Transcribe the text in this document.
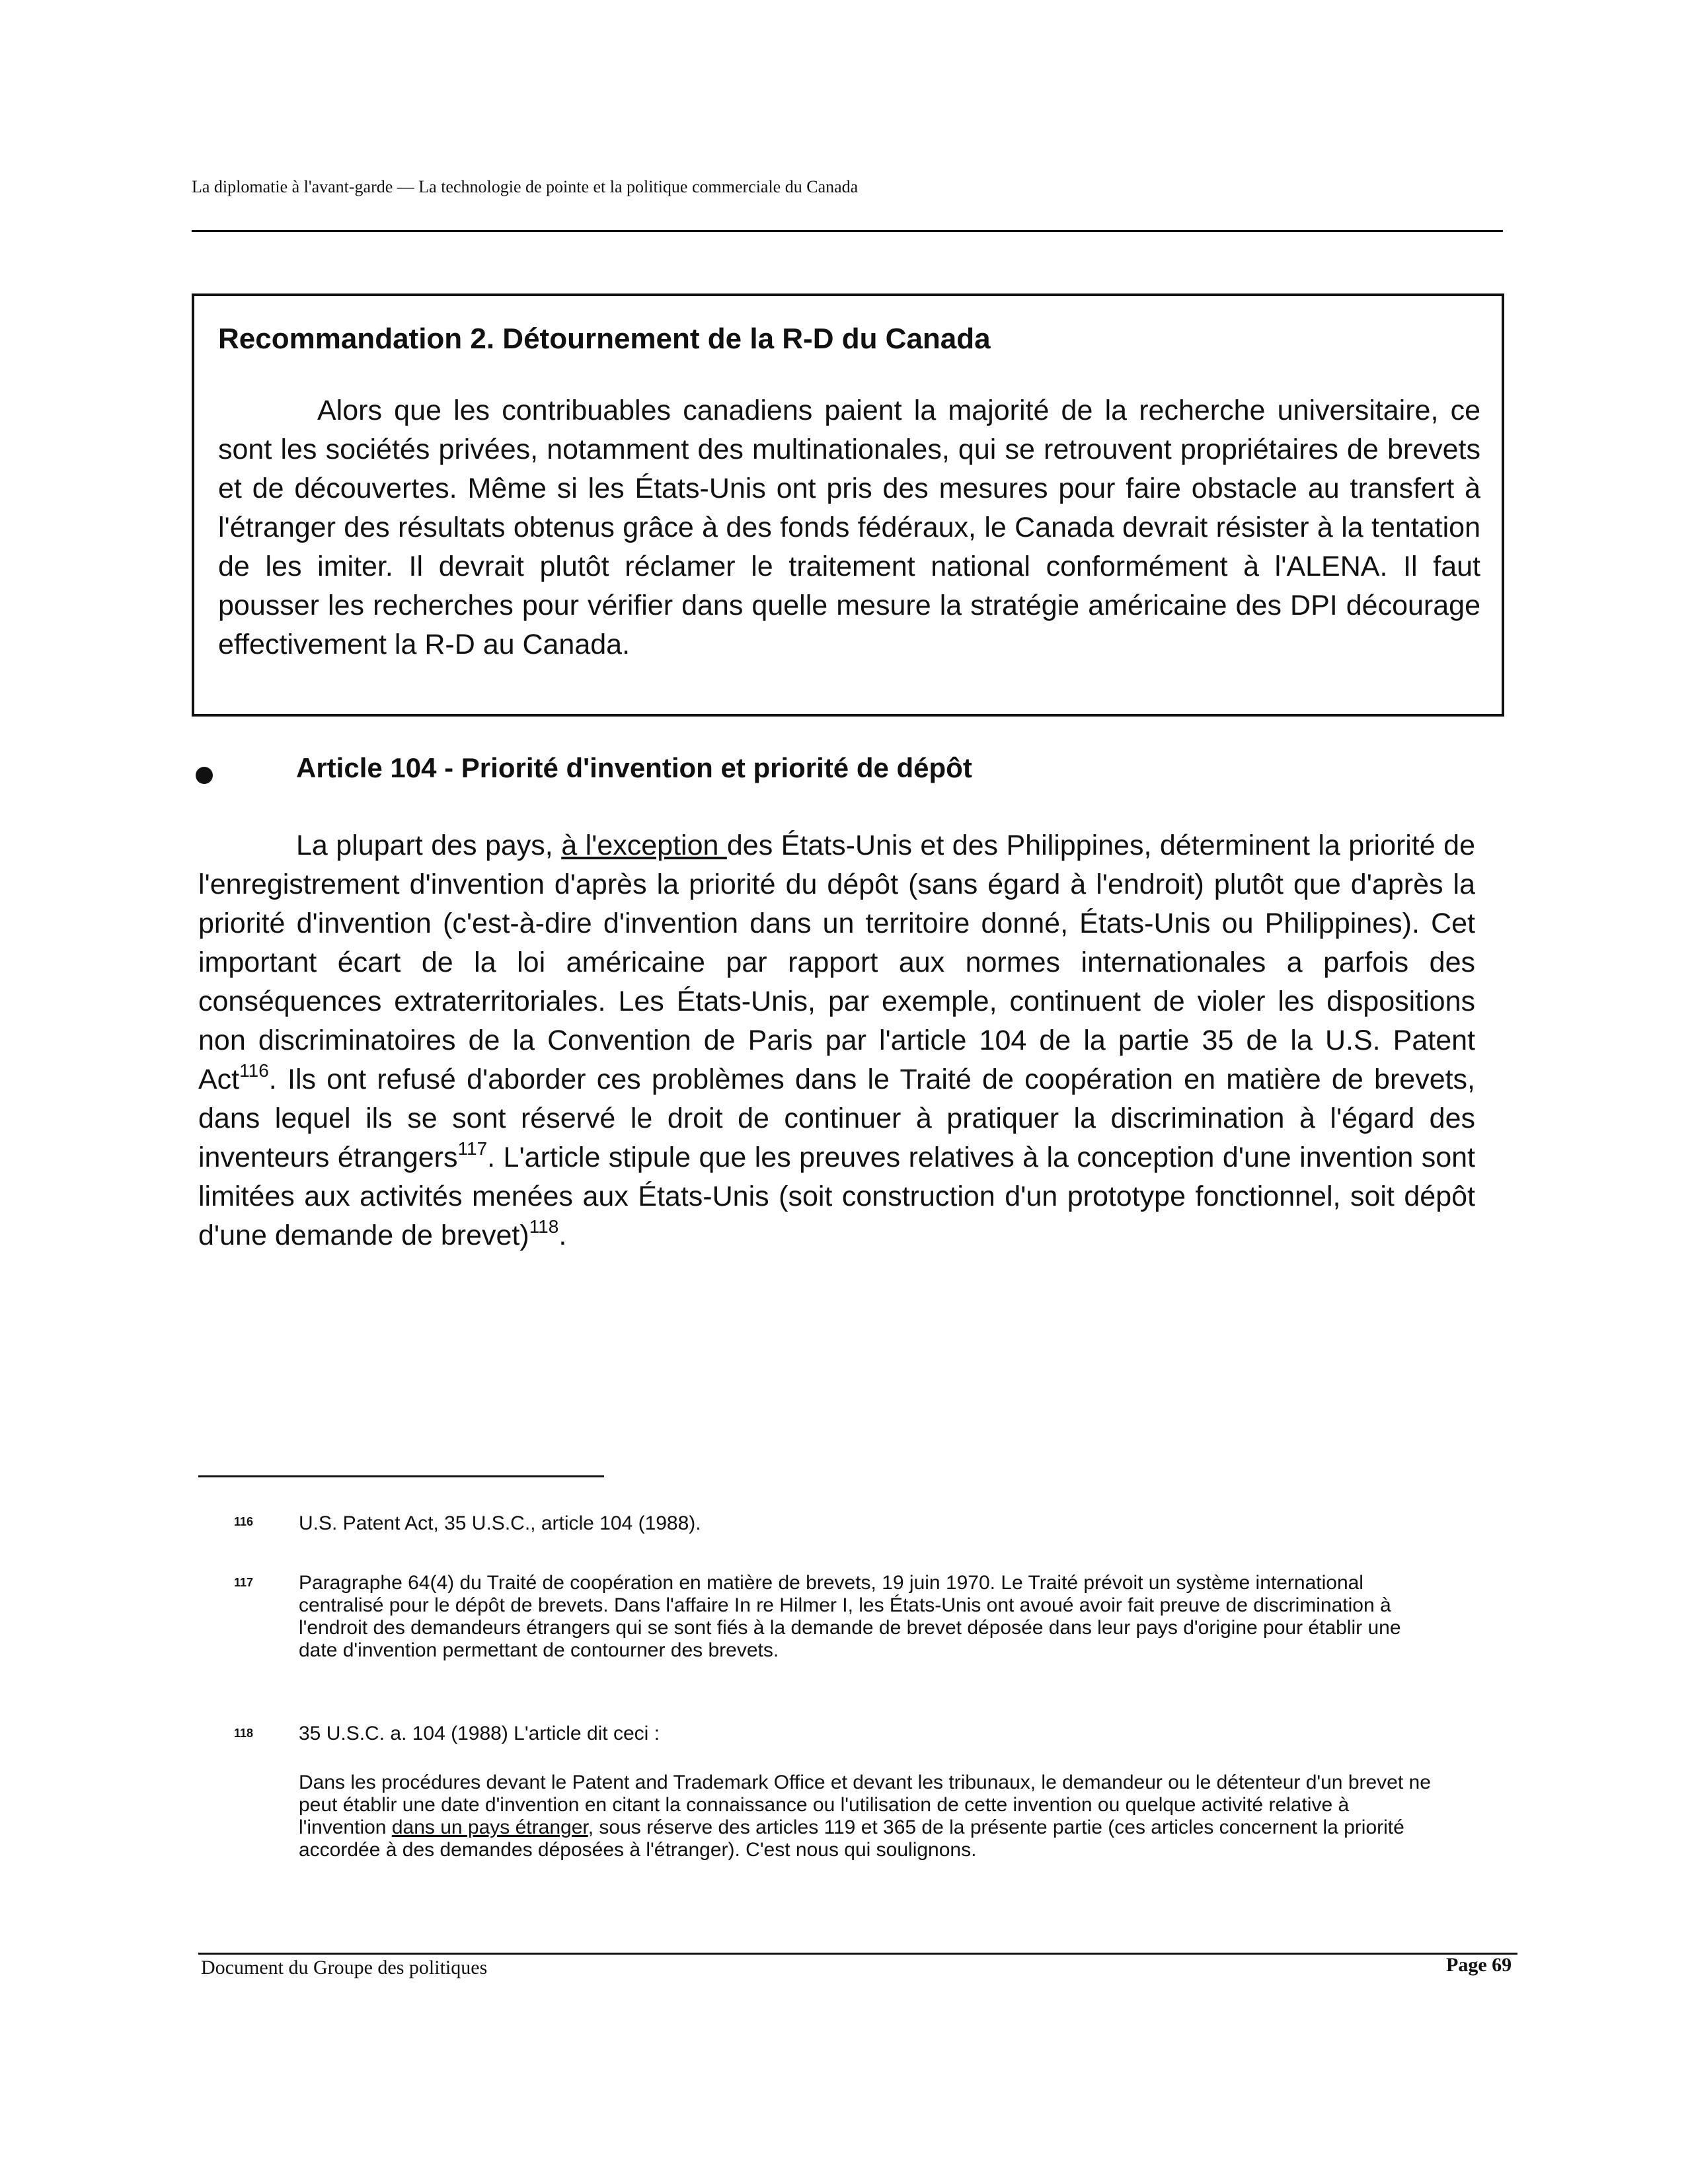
La diplomatie à l'avant-garde — La technologie de pointe et la politique commerciale du Canada
Recommandation 2. Détournement de la R-D du Canada

Alors que les contribuables canadiens paient la majorité de la recherche universitaire, ce sont les sociétés privées, notamment des multinationales, qui se retrouvent propriétaires de brevets et de découvertes. Même si les États-Unis ont pris des mesures pour faire obstacle au transfert à l'étranger des résultats obtenus grâce à des fonds fédéraux, le Canada devrait résister à la tentation de les imiter. Il devrait plutôt réclamer le traitement national conformément à l'ALENA. Il faut pousser les recherches pour vérifier dans quelle mesure la stratégie américaine des DPI décourage effectivement la R-D au Canada.

Article 104 - Priorité d'invention et priorité de dépôt

La plupart des pays, à l'exception des États-Unis et des Philippines, déterminent la priorité de l'enregistrement d'invention d'après la priorité du dépôt (sans égard à l'endroit) plutôt que d'après la priorité d'invention (c'est-à-dire d'invention dans un territoire donné, États-Unis ou Philippines). Cet important écart de la loi américaine par rapport aux normes internationales a parfois des conséquences extraterritoriales. Les États-Unis, par exemple, continuent de violer les dispositions non discriminatoires de la Convention de Paris par l'article 104 de la partie 35 de la U.S. Patent Act$^{116}$. Ils ont refusé d'aborder ces problèmes dans le Traité de coopération en matière de brevets, dans lequel ils se sont réservé le droit de continuer à pratiquer la discrimination à l'égard des inventeurs étrangers$^{117}$. L'article stipule que les preuves relatives à la conception d'une invention sont limitées aux activités menées aux États-Unis (soit construction d'un prototype fonctionnel, soit dépôt d'une demande de brevet)$^{118}$.

116 U.S. Patent Act, 35 U.S.C., article 104 (1988).

117 Paragraphe 64(4) du Traité de coopération en matière de brevets, 19 juin 1970. Le Traité prévoit un système international centralisé pour le dépôt de brevets. Dans l'affaire In re Hilmer I, les États-Unis ont avoué avoir fait preuve de discrimination à l'endroit des demandeurs étrangers qui se sont fiés à la demande de brevet déposée dans leur pays d'origine pour établir une date d'invention permettant de contourner des brevets.

118 35 U.S.C. a. 104 (1988) L'article dit ceci :

Dans les procédures devant le Patent and Trademark Office et devant les tribunaux, le demandeur ou le détenteur d'un brevet ne peut établir une date d'invention en citant la connaissance ou l'utilisation de cette invention ou quelque activité relative à l'invention dans un pays étranger, sous réserve des articles 119 et 365 de la présente partie (ces articles concernent la priorité accordée à des demandes déposées à l'étranger). C'est nous qui soulignons.

Document du Groupe des politiques	Page 69
